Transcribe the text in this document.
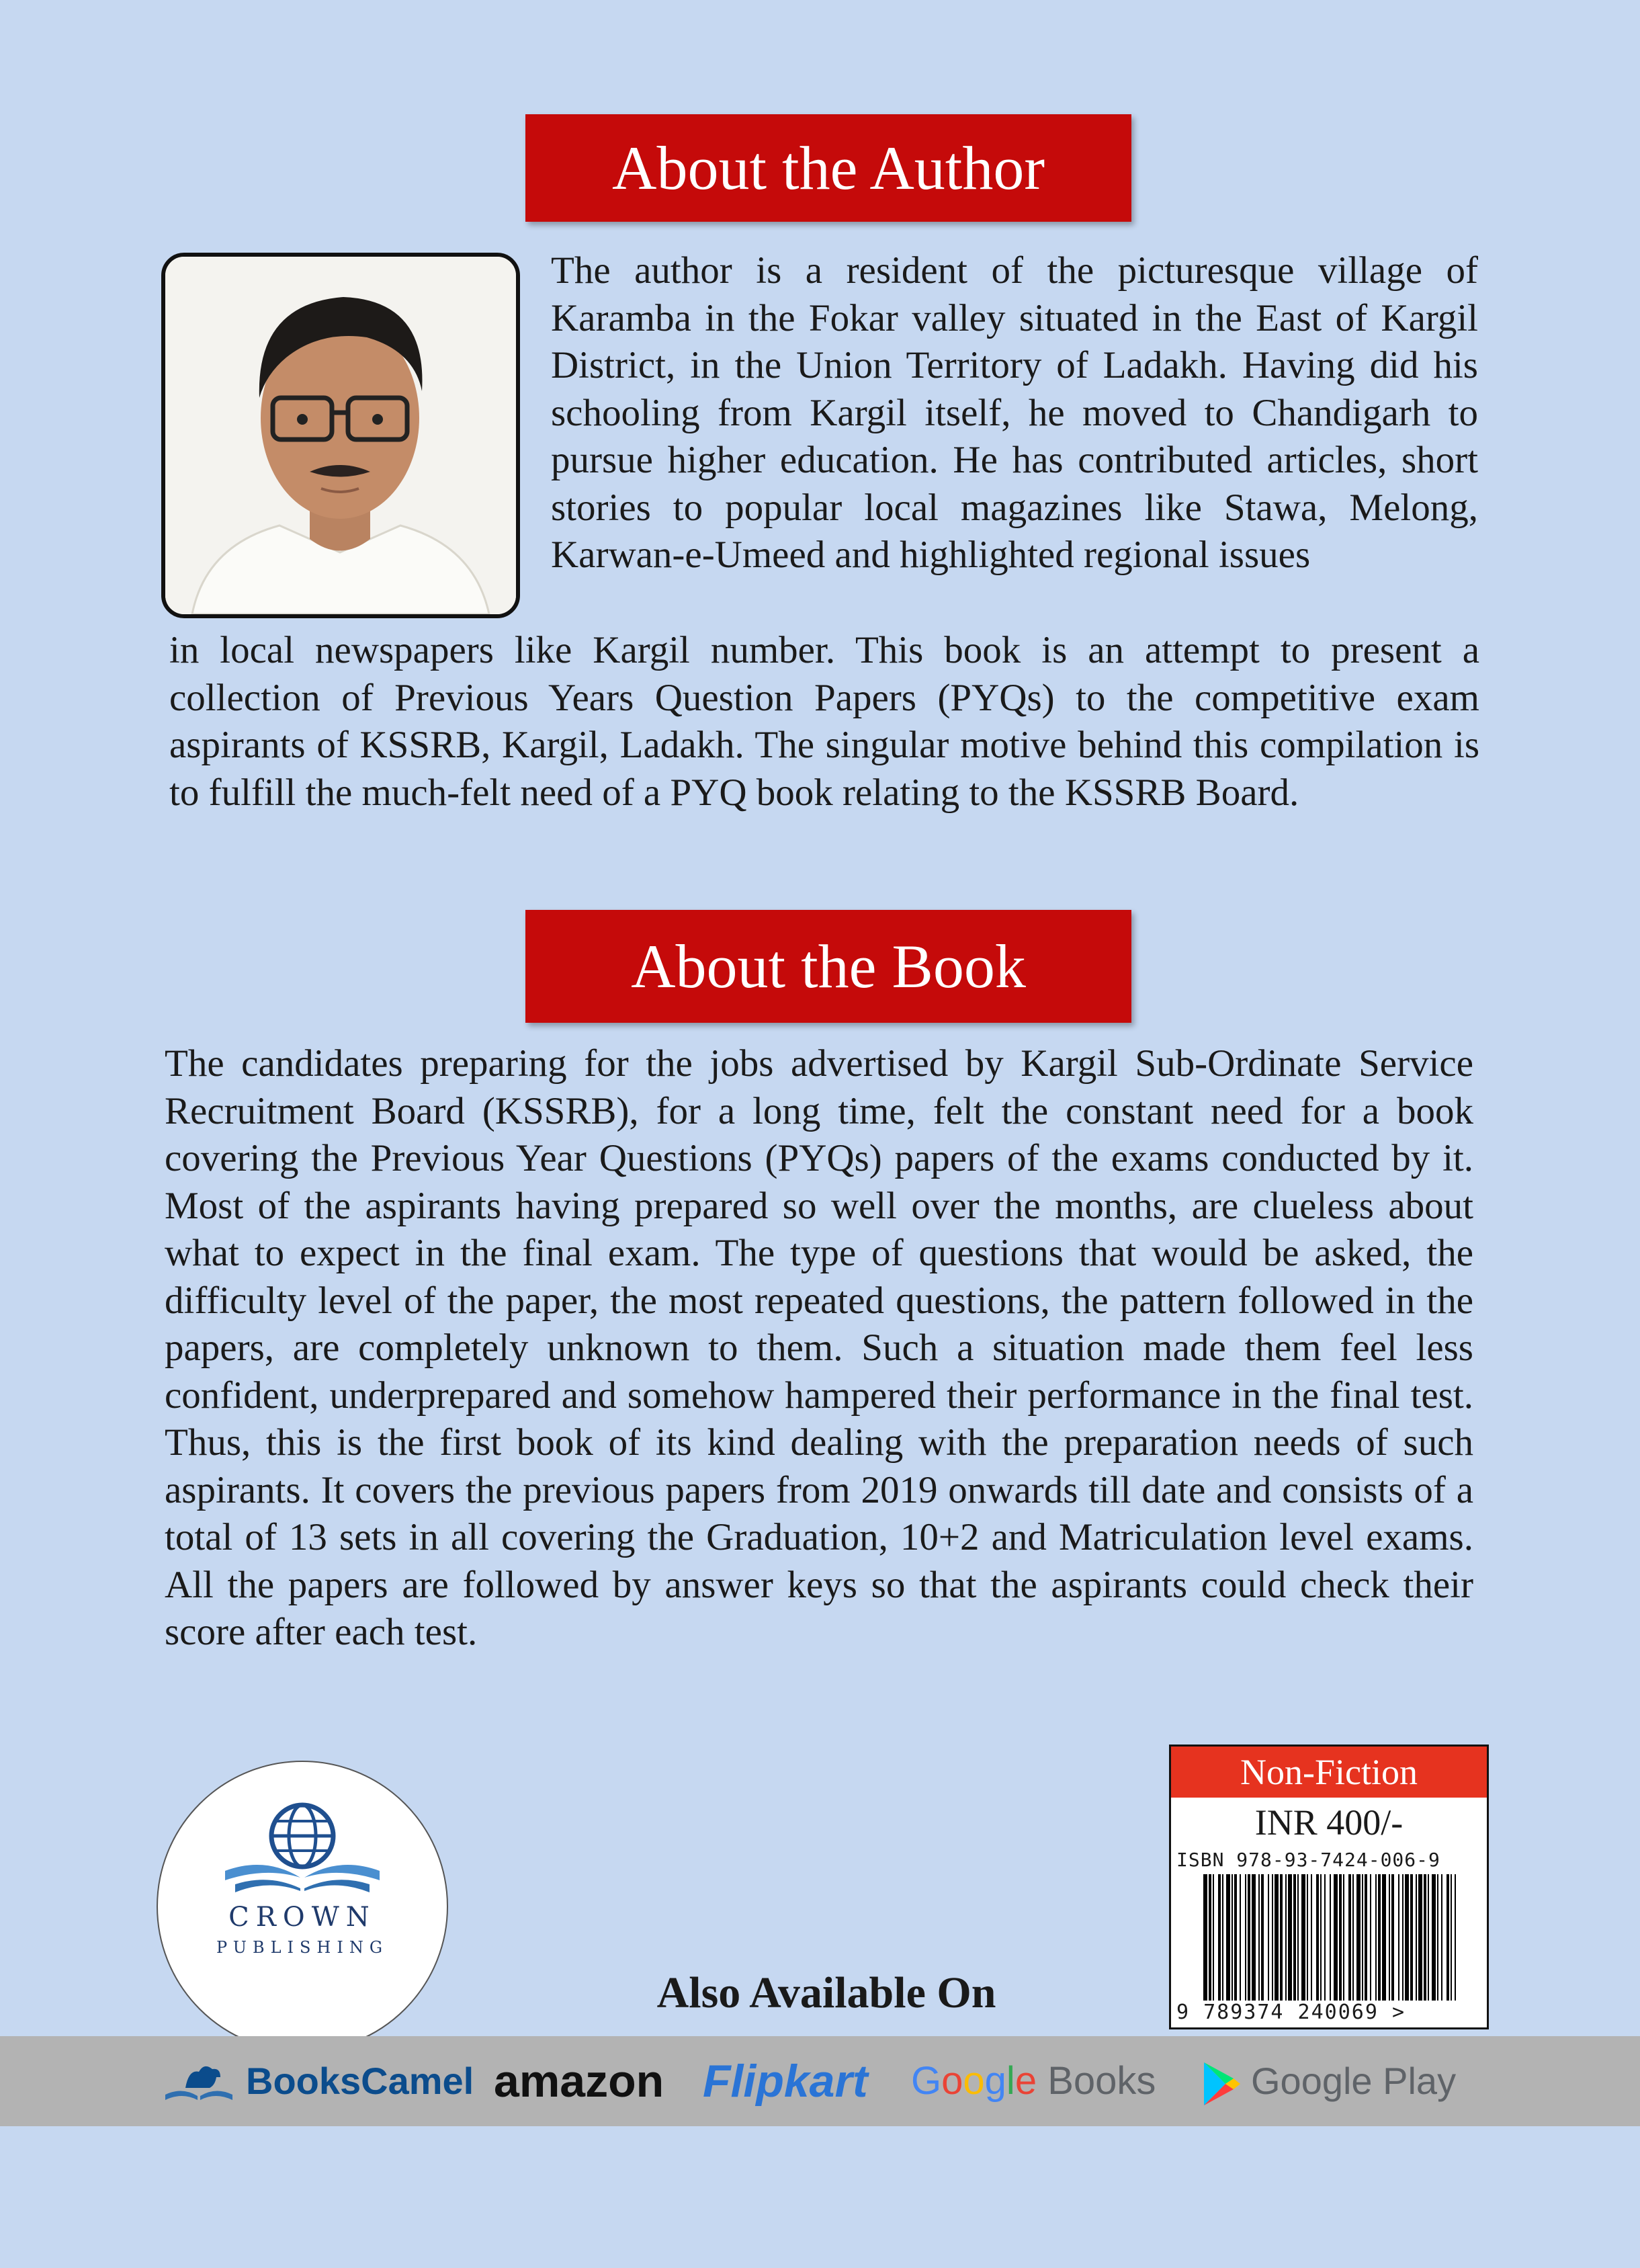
About the Author

The author is a resident of the picturesque village of Karamba in the Fokar valley situated in the East of Kargil District, in the Union Territory of Ladakh. Having did his schooling from Kargil itself, he moved to Chandigarh to pursue higher education. He has contributed articles, short stories to popular local magazines like Stawa, Melong, Karwan-e-Umeed and highlighted regional issues

in local newspapers like Kargil number. This book is an attempt to present a collection of Previous Years Question Papers (PYQs) to the competitive exam aspirants of KSSRB, Kargil, Ladakh. The singular motive behind this compilation is to fulfill the much-felt need of a PYQ book relating to the KSSRB Board.

About the Book

The candidates preparing for the jobs advertised by Kargil Sub-Ordinate Service Recruitment Board (KSSRB), for a long time, felt the constant need for a book covering the Previous Year Questions (PYQs) papers of the exams conducted by it. Most of the aspirants having prepared so well over the months, are clueless about what to expect in the final exam. The type of questions that would be asked, the difficulty level of the paper, the most repeated questions, the pattern followed in the papers, are completely unknown to them. Such a situation made them feel less confident, underprepared and somehow hampered their performance in the final test. Thus, this is the first book of its kind dealing with the preparation needs of such aspirants. It covers the previous papers from 2019 onwards till date and consists of a total of 13 sets in all covering the Graduation, 10+2 and Matriculation level exams. All the papers are followed by answer keys so that the aspirants could check their score after each test.

CROWN
PUBLISHING
Also Available On
Non-Fiction
INR 400/-
ISBN 978-93-7424-006-9
9 789374 240069 >
BooksCamel amazon Flipkart Google Books	Google Play
